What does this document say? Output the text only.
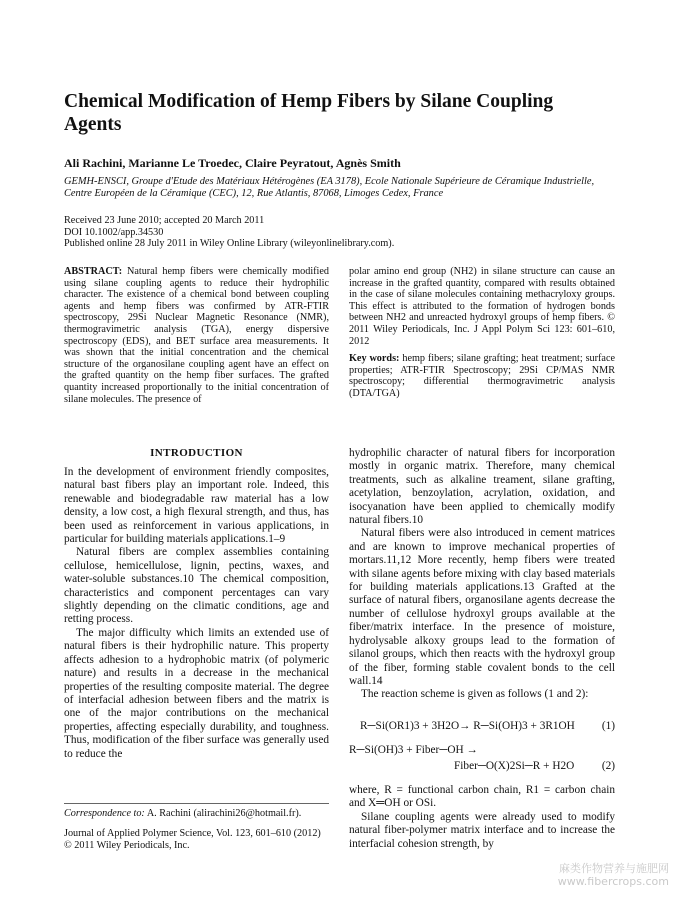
Chemical Modification of Hemp Fibers by Silane Coupling Agents
Ali Rachini, Marianne Le Troedec, Claire Peyratout, Agnès Smith
GEMH-ENSCI, Groupe d'Etude des Matériaux Hétérogènes (EA 3178), Ecole Nationale Supérieure de Céramique Industrielle, Centre Européen de la Céramique (CEC), 12, Rue Atlantis, 87068, Limoges Cedex, France
Received 23 June 2010; accepted 20 March 2011
DOI 10.1002/app.34530
Published online 28 July 2011 in Wiley Online Library (wileyonlinelibrary.com).
ABSTRACT: Natural hemp fibers were chemically modified using silane coupling agents to reduce their hydrophilic character. The existence of a chemical bond between coupling agents and hemp fibers was confirmed by ATR-FTIR spectroscopy, 29Si Nuclear Magnetic Resonance (NMR), thermogravimetric analysis (TGA), energy dispersive spectroscopy (EDS), and BET surface area measurements. It was shown that the initial concentration and the chemical structure of the organosilane coupling agent have an effect on the grafted quantity on the hemp fiber surfaces. The grafted quantity increased proportionally to the initial concentration of silane molecules. The presence of
polar amino end group (NH2) in silane structure can cause an increase in the grafted quantity, compared with results obtained in the case of silane molecules containing methacryloxy groups. This effect is attributed to the formation of hydrogen bonds between NH2 and unreacted hydroxyl groups of hemp fibers. © 2011 Wiley Periodicals, Inc. J Appl Polym Sci 123: 601–610, 2012
Key words: hemp fibers; silane grafting; heat treatment; surface properties; ATR-FTIR Spectroscopy; 29Si CP/MAS NMR spectroscopy; differential thermogravimetric analysis (DTA/TGA)
INTRODUCTION

In the development of environment friendly composites, natural bast fibers play an important role. Indeed, this renewable and biodegradable raw material has a low density, a low cost, a high flexural strength, and thus, has been used as reinforcement in various applications, in particular for building materials applications.1–9

Natural fibers are complex assemblies containing cellulose, hemicellulose, lignin, pectins, waxes, and water-soluble substances.10 The chemical composition, characteristics and component percentages can vary slightly depending on the climatic conditions, age and retting process.

The major difficulty which limits an extended use of natural fibers is their hydrophilic nature. This property affects adhesion to a hydrophobic matrix (of polymeric nature) and results in a decrease in the mechanical properties of the resulting composite material. The degree of interfacial adhesion between fibers and the matrix is one of the major contributions on the mechanical properties, affecting especially durability, and toughness. Thus, modification of the fiber surface was generally used to reduce the

hydrophilic character of natural fibers for incorporation mostly in organic matrix. Therefore, many chemical treatments, such as alkaline treament, silane grafting, acetylation, benzoylation, acrylation, oxidation, and isocyanation have been applied to chemically modify natural fibers.10

Natural fibers were also introduced in cement matrices and are known to improve mechanical properties of mortars.11,12 More recently, hemp fibers were treated with silane agents before mixing with clay based materials for building materials applications.13 Grafted at the surface of natural fibers, organosilane agents decrease the number of cellulose hydroxyl groups available at the fiber/matrix interface. In the presence of moisture, hydrolysable alkoxy groups lead to the formation of silanol groups, which then reacts with the hydroxyl group of the fiber, forming stable covalent bonds to the cell wall.14

The reaction scheme is given as follows (1 and 2):

R─Si(OR1)3 + 3H2O→ R─Si(OH)3 + 3R1OH (1)
R─Si(OH)3 + Fiber─OH →
Fiber─O(X)2Si─R + H2O (2)

where, R = functional carbon chain, R1 = carbon chain and X═OH or OSi.

Silane coupling agents were already used to modify natural fiber-polymer matrix interface and to increase the interfacial cohesion strength, by

Correspondence to: A. Rachini (alirachini26@hotmail.fr).
Journal of Applied Polymer Science, Vol. 123, 601–610 (2012)
© 2011 Wiley Periodicals, Inc.
麻类作物营养与施肥网
www.fibercrops.com
